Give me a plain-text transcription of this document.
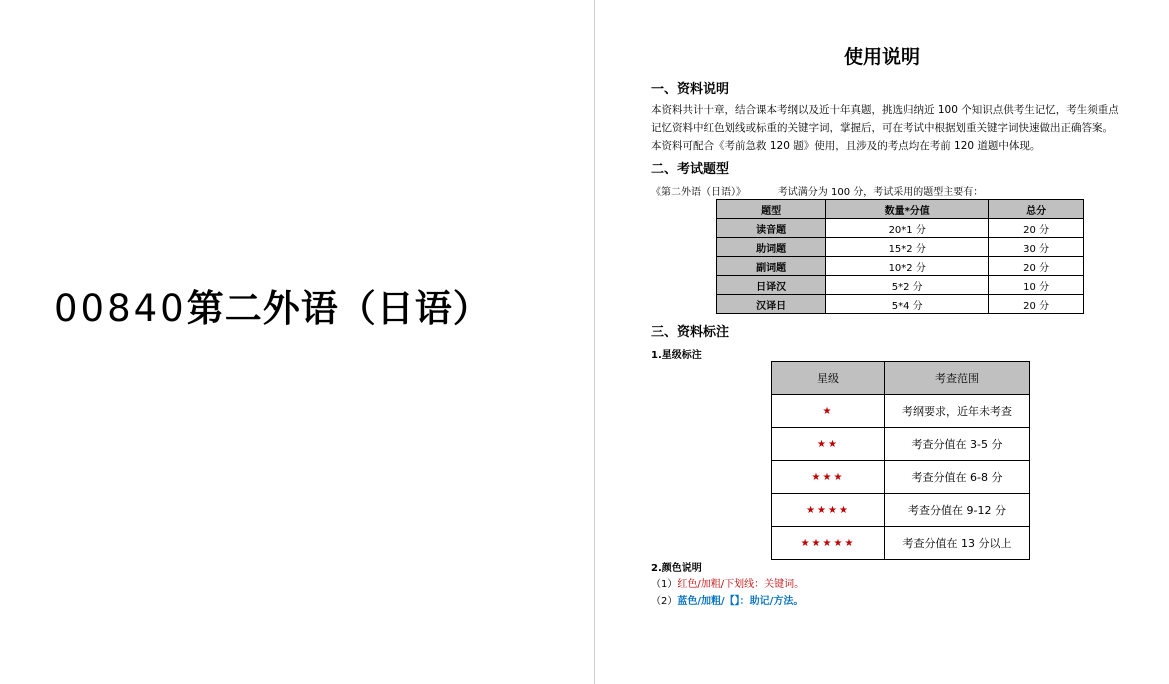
00840第二外语（日语）
使用说明
一、资料说明
本资料共计十章，结合课本考纲以及近十年真题，挑选归纳近 100 个知识点供考生记忆，考生须重点
记忆资料中红色划线或标重的关键字词，掌握后，可在考试中根据划重关键字词快速做出正确答案。
本资料可配合《考前急救 120 题》使用，且涉及的考点均在考前 120 道题中体现。
二、考试题型
《第二外语（日语）》          考试满分为 100 分，考试采用的题型主要有：
题型	数量*分值	总分
读音题	20*1 分	20 分
助词题	15*2 分	30 分
副词题	10*2 分	20 分
日译汉	5*2 分	10 分
汉译日	5*4 分	20 分
三、资料标注
1.星级标注
星级	考查范围
★	考纲要求，近年未考查
★★	考查分值在 3-5 分
★★★	考查分值在 6-8 分
★★★★	考查分值在 9-12 分
★★★★★	考查分值在 13 分以上
2.颜色说明
（1）红色/加粗/下划线：关键词。
（2）蓝色/加粗/【】：助记/方法。
